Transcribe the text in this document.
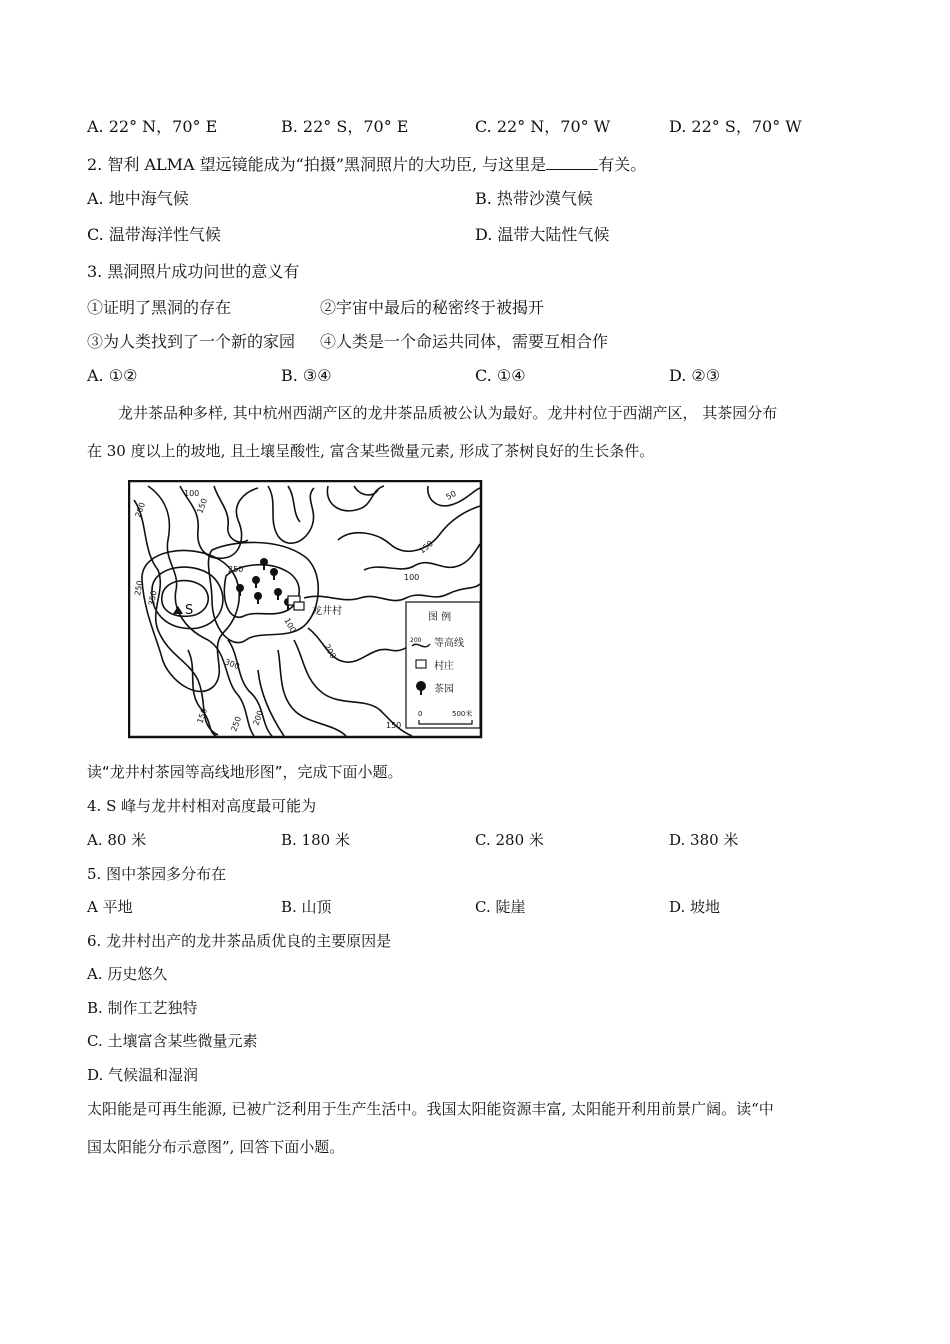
A. 22° N，70° E	B. 22° S，70° E	C. 22° N，70° W	D. 22° S，70° W
2. 智利 ALMA 望远镜能成为“拍摄”黑洞照片的大功臣, 与这里是	有关。
A. 地中海气候	B. 热带沙漠气候
C. 温带海洋性气候	D. 温带大陆性气候
3. 黑洞照片成功问世的意义有
①证明了黑洞的存在	②宇宙中最后的秘密终于被揭开
③为人类找到了一个新的家园 ④人类是一个命运共同体，需要互相合作
A. ①②	B. ③④	C. ①④	D. ②③
龙井茶品种多样, 其中杭州西湖产区的龙井茶品质被公认为最好。龙井村位于西湖产区， 其茶园分布
在 30 度以上的坡地, 且土壤呈酸性, 富含某些微量元素, 形成了茶树良好的生长条件。
100
200	150
50
150
100
250
350
250
300
100
200
150	250 200	150
S	龙井村
图 例
200 等高线
村庄
茶园
0	500米
读“龙井村茶园等高线地形图”，完成下面小题。
4. S 峰与龙井村相对高度最可能为
A. 80 米	B. 180 米	C. 280 米	D. 380 米
5. 图中茶园多分布在
A 平地	B. 山顶	C. 陡崖	D. 坡地
6. 龙井村出产的龙井茶品质优良的主要原因是
A. 历史悠久
B. 制作工艺独特
C. 土壤富含某些微量元素
D. 气候温和湿润
太阳能是可再生能源, 已被广泛利用于生产生活中。我国太阳能资源丰富, 太阳能开利用前景广阔。读“中
国太阳能分布示意图”, 回答下面小题。
